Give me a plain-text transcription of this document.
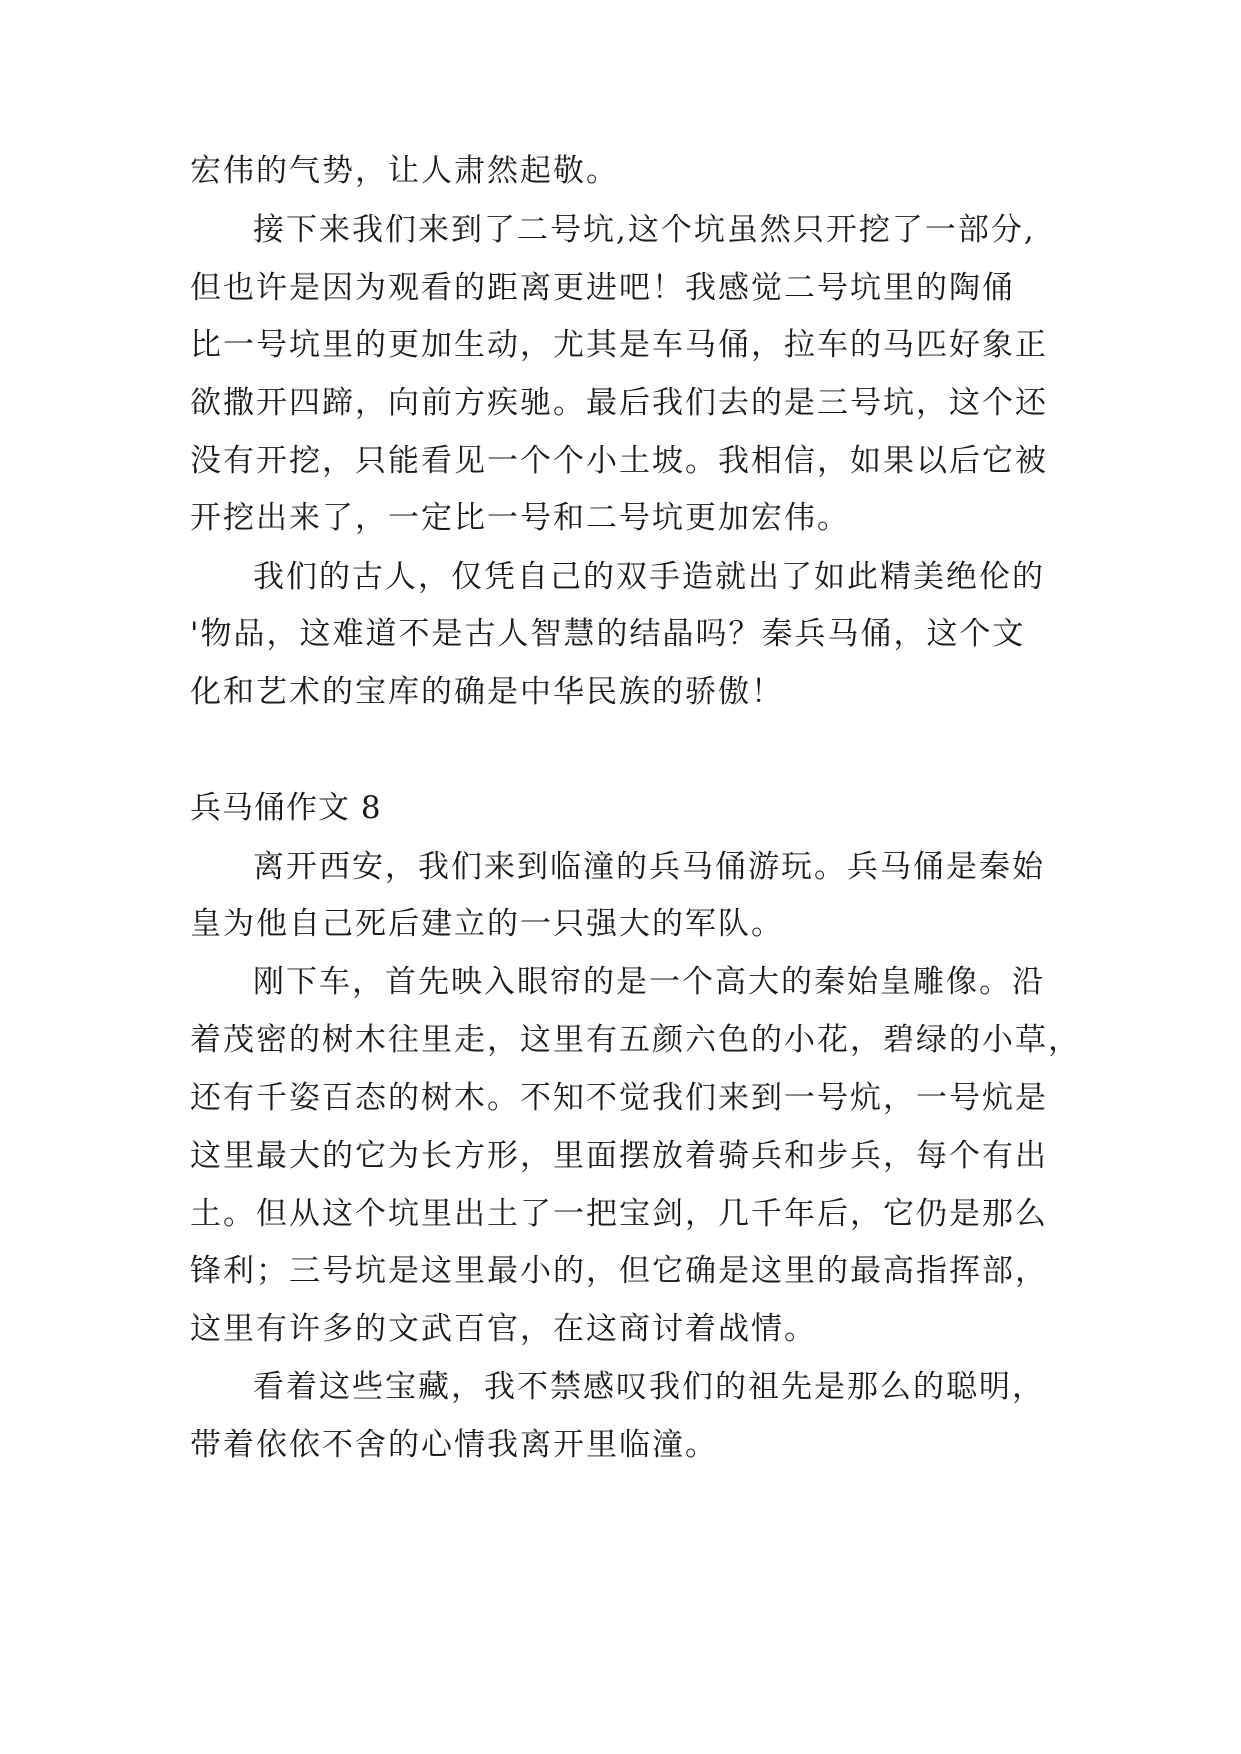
宏伟的气势，让人肃然起敬。
接下来我们来到了二号坑,这个坑虽然只开挖了一部分,
但也许是因为观看的距离更进吧！我感觉二号坑里的陶俑
比一号坑里的更加生动，尤其是车马俑，拉车的马匹好象正
欲撒开四蹄，向前方疾驰。最后我们去的是三号坑，这个还
没有开挖，只能看见一个个小土坡。我相信，如果以后它被
开挖出来了，一定比一号和二号坑更加宏伟。
我们的古人，仅凭自己的双手造就出了如此精美绝伦的
'物品，这难道不是古人智慧的结晶吗？秦兵马俑，这个文
化和艺术的宝库的确是中华民族的骄傲！
兵马俑作文 8
离开西安，我们来到临潼的兵马俑游玩。兵马俑是秦始
皇为他自己死后建立的一只强大的军队。
刚下车，首先映入眼帘的是一个高大的秦始皇雕像。沿
着茂密的树木往里走，这里有五颜六色的小花，碧绿的小草，
还有千姿百态的树木。不知不觉我们来到一号炕，一号炕是
这里最大的它为长方形，里面摆放着骑兵和步兵，每个有出
土。但从这个坑里出土了一把宝剑，几千年后，它仍是那么
锋利；三号坑是这里最小的，但它确是这里的最高指挥部，
这里有许多的文武百官，在这商讨着战情。
看着这些宝藏，我不禁感叹我们的祖先是那么的聪明，
带着依依不舍的心情我离开里临潼。
